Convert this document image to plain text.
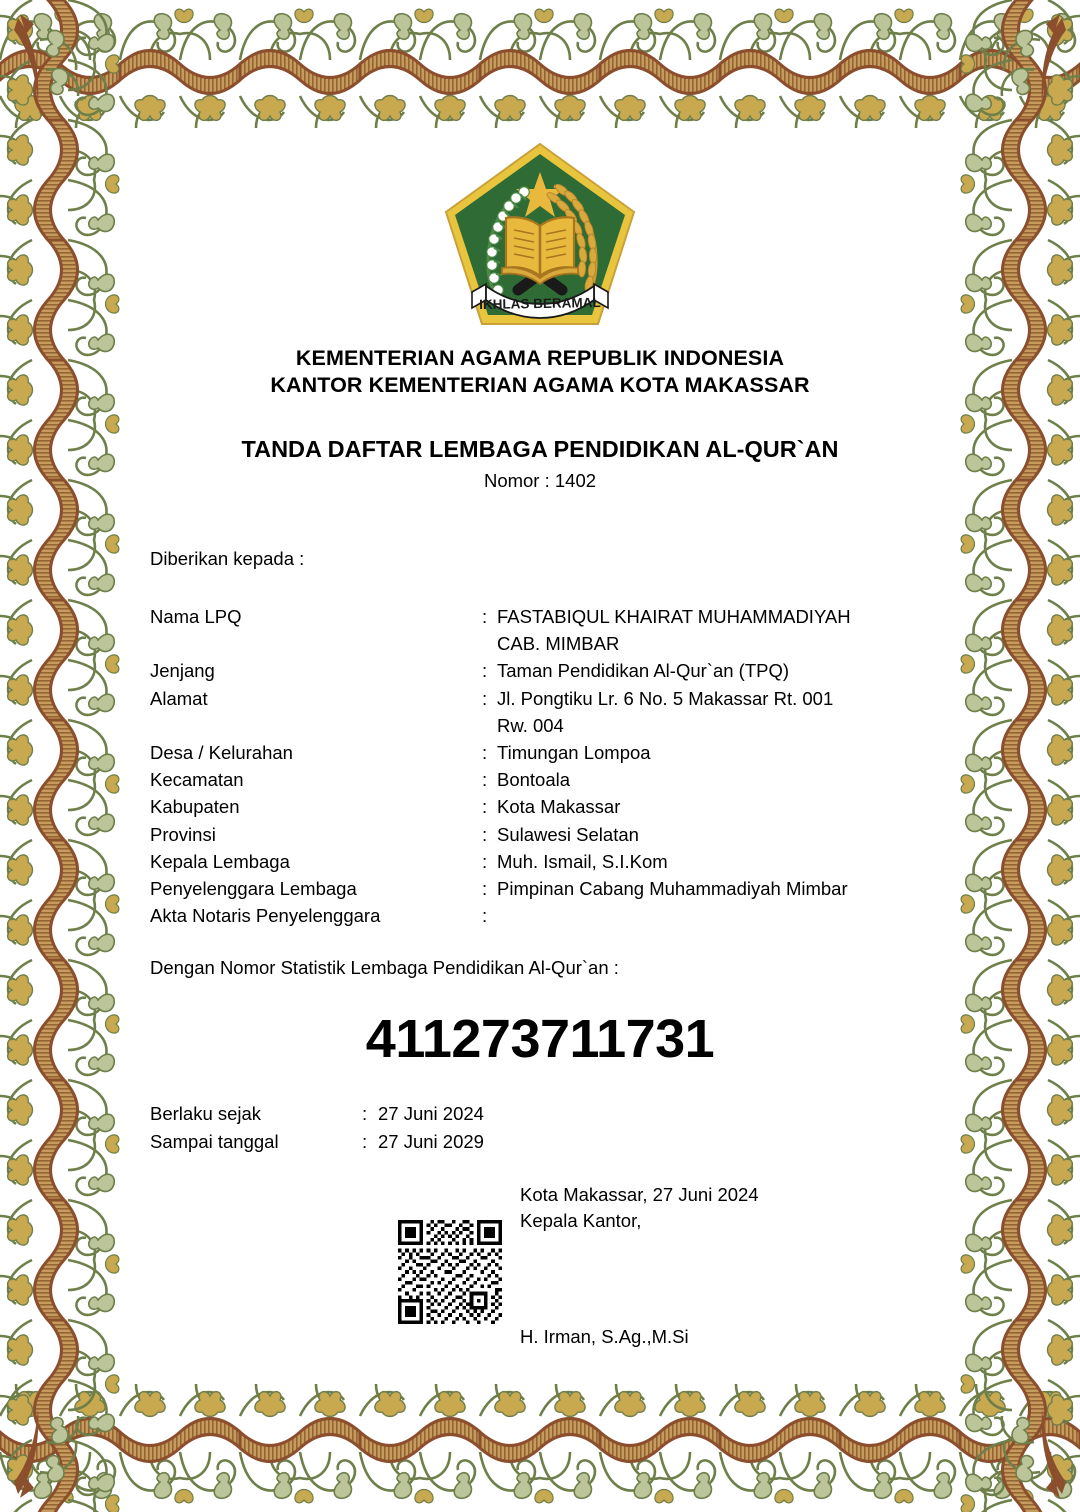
IKHLAS BERAMAL
KEMENTERIAN AGAMA REPUBLIK INDONESIA
KANTOR KEMENTERIAN AGAMA KOTA MAKASSAR
TANDA DAFTAR LEMBAGA PENDIDIKAN AL-QUR`AN
Nomor : 1402
Diberikan kepada :
Nama LPQ	: FASTABIQUL KHAIRAT MUHAMMADIYAH
CAB. MIMBAR
Jenjang	: Taman Pendidikan Al-Qur`an (TPQ)
Alamat	: Jl. Pongtiku Lr. 6 No. 5 Makassar Rt. 001
Rw. 004
Desa / Kelurahan	: Timungan Lompoa
Kecamatan	: Bontoala
Kabupaten	: Kota Makassar
Provinsi	: Sulawesi Selatan
Kepala Lembaga	: Muh. Ismail, S.I.Kom
Penyelenggara Lembaga	: Pimpinan Cabang Muhammadiyah Mimbar
Akta Notaris Penyelenggara	:
Dengan Nomor Statistik Lembaga Pendidikan Al-Qur`an :
411273711731
Berlaku sejak	: 27 Juni 2024
Sampai tanggal	: 27 Juni 2029
Kota Makassar, 27 Juni 2024
Kepala Kantor,
H. Irman, S.Ag.,M.Si
